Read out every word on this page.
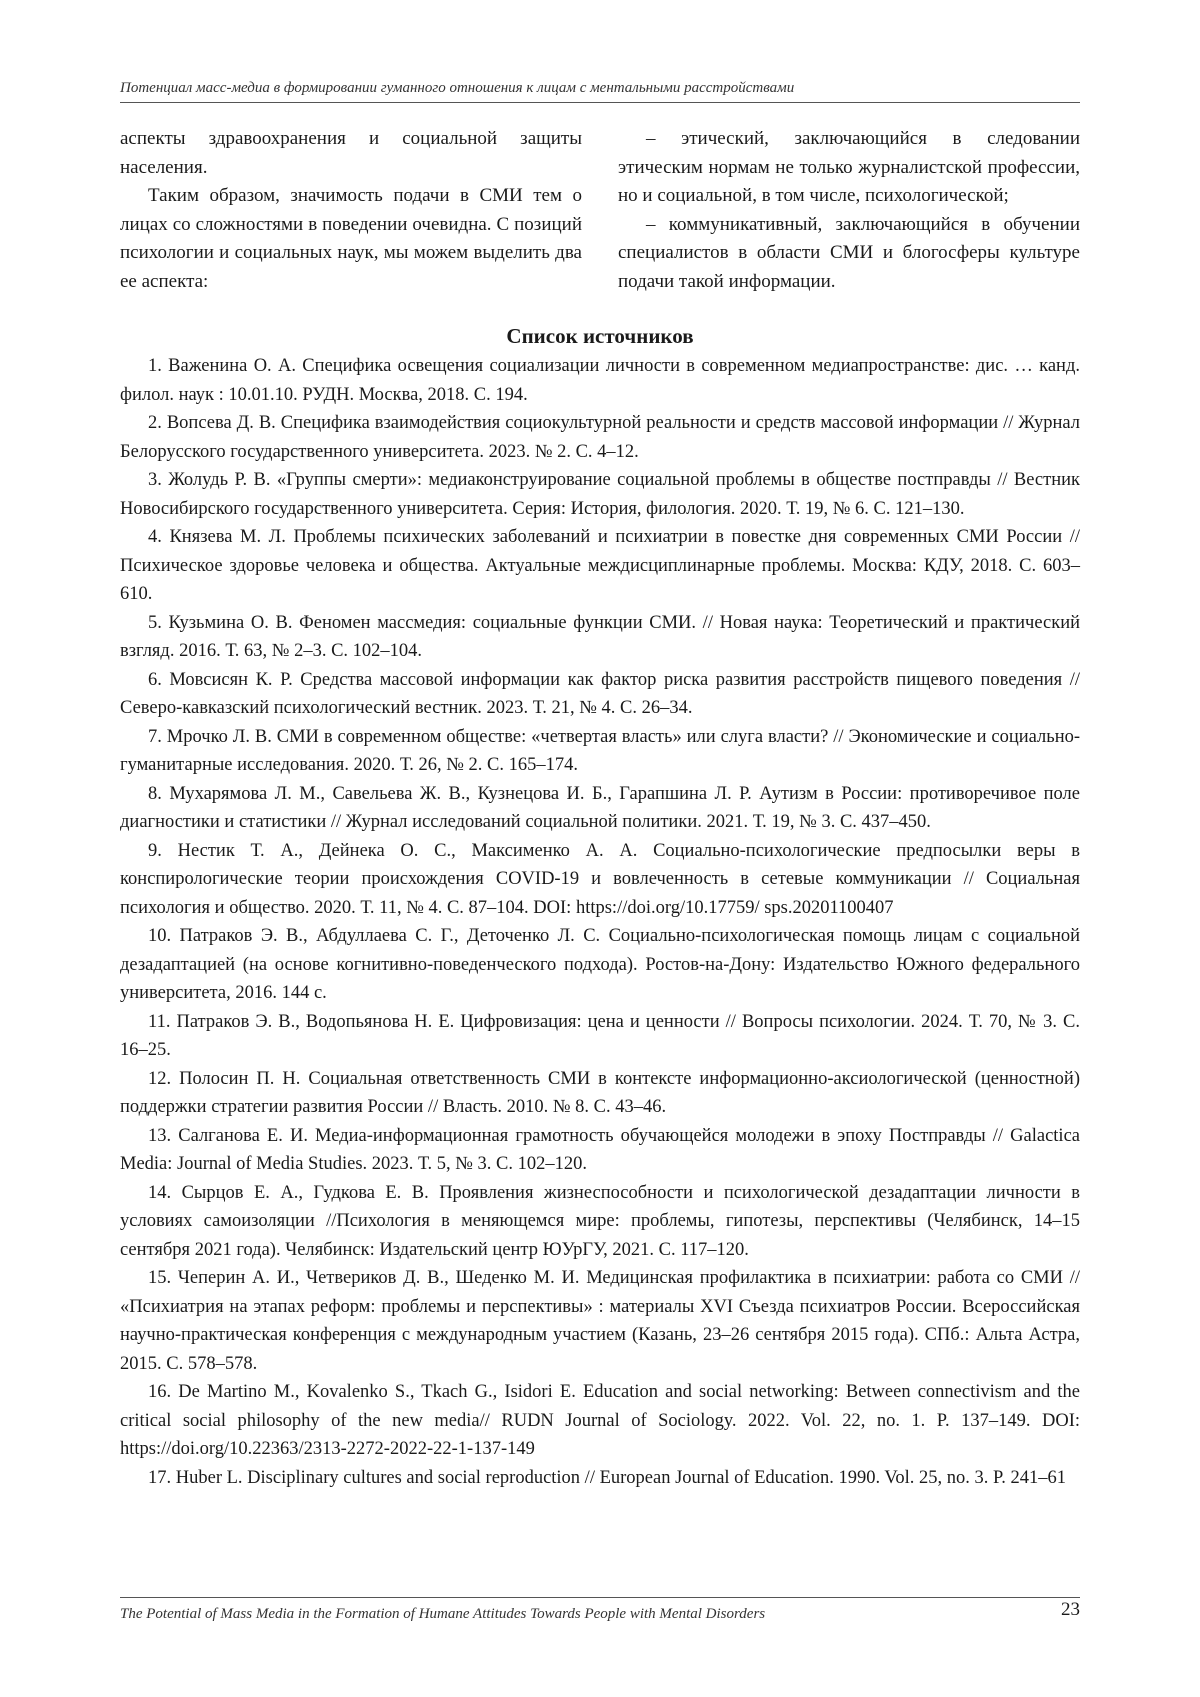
Потенциал масс-медиа в формировании гуманного отношения к лицам с ментальными расстройствами

аспекты здравоохранения и социальной защиты населения.

Таким образом, значимость подачи в СМИ тем о лицах со сложностями в поведении очевидна. С позиций психологии и социальных наук, мы можем выделить два ее аспекта:

– этический, заключающийся в следовании этическим нормам не только журналистской профессии, но и социальной, в том числе, психологической;

– коммуникативный, заключающийся в обучении специалистов в области СМИ и блогосферы культуре подачи такой информации.

Список источников

1. Важенина О. А. Специфика освещения социализации личности в современном медиапространстве: дис. … канд. филол. наук : 10.01.10. РУДН. Москва, 2018. С. 194.

2. Вопсева Д. В. Специфика взаимодействия социокультурной реальности и средств массовой информации // Журнал Белорусского государственного университета. 2023. № 2. С. 4–12.

3. Жолудь Р. В. «Группы смерти»: медиаконструирование социальной проблемы в обществе постправды // Вестник Новосибирского государственного университета. Серия: История, филология. 2020. Т. 19, № 6. С. 121–130.

4. Князева М. Л. Проблемы психических заболеваний и психиатрии в повестке дня современных СМИ России // Психическое здоровье человека и общества. Актуальные междисциплинарные проблемы. Москва: КДУ, 2018. С. 603–610.

5. Кузьмина О. В. Феномен массмедия: социальные функции СМИ. // Новая наука: Теоретический и практический взгляд. 2016. Т. 63, № 2–3. С. 102–104.

6. Мовсисян К. Р. Средства массовой информации как фактор риска развития расстройств пищевого поведения // Северо-кавказский психологический вестник. 2023. Т. 21, № 4. С. 26–34.

7. Мрочко Л. В. СМИ в современном обществе: «четвертая власть» или слуга власти? // Экономические и социально-гуманитарные исследования. 2020. Т. 26, № 2. С. 165–174.

8. Мухарямова Л. М., Савельева Ж. В., Кузнецова И. Б., Гарапшина Л. Р. Аутизм в России: противоречивое поле диагностики и статистики // Журнал исследований социальной политики. 2021. Т. 19, № 3. С. 437–450.

9. Нестик Т. А., Дейнека О. С., Максименко А. А. Социально-психологические предпосылки веры в конспирологические теории происхождения COVID-19 и вовлеченность в сетевые коммуникации // Социальная психология и общество. 2020. Т. 11, № 4. С. 87–104. DOI: https://doi.org/10.17759/ sps.20201100407

10. Патраков Э. В., Абдуллаева С. Г., Деточенко Л. С. Социально-психологическая помощь лицам с социальной дезадаптацией (на основе когнитивно-поведенческого подхода). Ростов-на-Дону: Издательство Южного федерального университета, 2016. 144 с.

11. Патраков Э. В., Водопьянова Н. Е. Цифровизация: цена и ценности // Вопросы психологии. 2024. Т. 70, № 3. С. 16–25.

12. Полосин П. Н. Социальная ответственность СМИ в контексте информационно-аксиологической (ценностной) поддержки стратегии развития России // Власть. 2010. № 8. С. 43–46.

13. Салганова Е. И. Медиа-информационная грамотность обучающейся молодежи в эпоху Постправды // Galactica Media: Journal of Media Studies. 2023. Т. 5, № 3. С. 102–120.

14. Сырцов Е. А., Гудкова Е. В. Проявления жизнеспособности и психологической дезадаптации личности в условиях самоизоляции //Психология в меняющемся мире: проблемы, гипотезы, перспективы (Челябинск, 14–15 сентября 2021 года). Челябинск: Издательский центр ЮУрГУ, 2021. С. 117–120.

15. Чеперин А. И., Четвериков Д. В., Шеденко М. И. Медицинская профилактика в психиатрии: работа со СМИ // «Психиатрия на этапах реформ: проблемы и перспективы» : материалы XVI Съезда психиатров России. Всероссийская научно-практическая конференция с международным участием (Казань, 23–26 сентября 2015 года). СПб.: Альта Астра, 2015. С. 578–578.

16. De Martino M., Kovalenko S., Tkach G., Isidori E. Education and social networking: Between connectivism and the critical social philosophy of the new media// RUDN Journal of Sociology. 2022. Vol. 22, no. 1. P. 137–149. DOI: https://doi.org/10.22363/2313-2272-2022-22-1-137-149

17. Huber L. Disciplinary cultures and social reproduction // European Journal of Education. 1990. Vol. 25, no. 3. P. 241–61

The Potential of Mass Media in the Formation of Humane Attitudes Towards People with Mental Disorders	23
